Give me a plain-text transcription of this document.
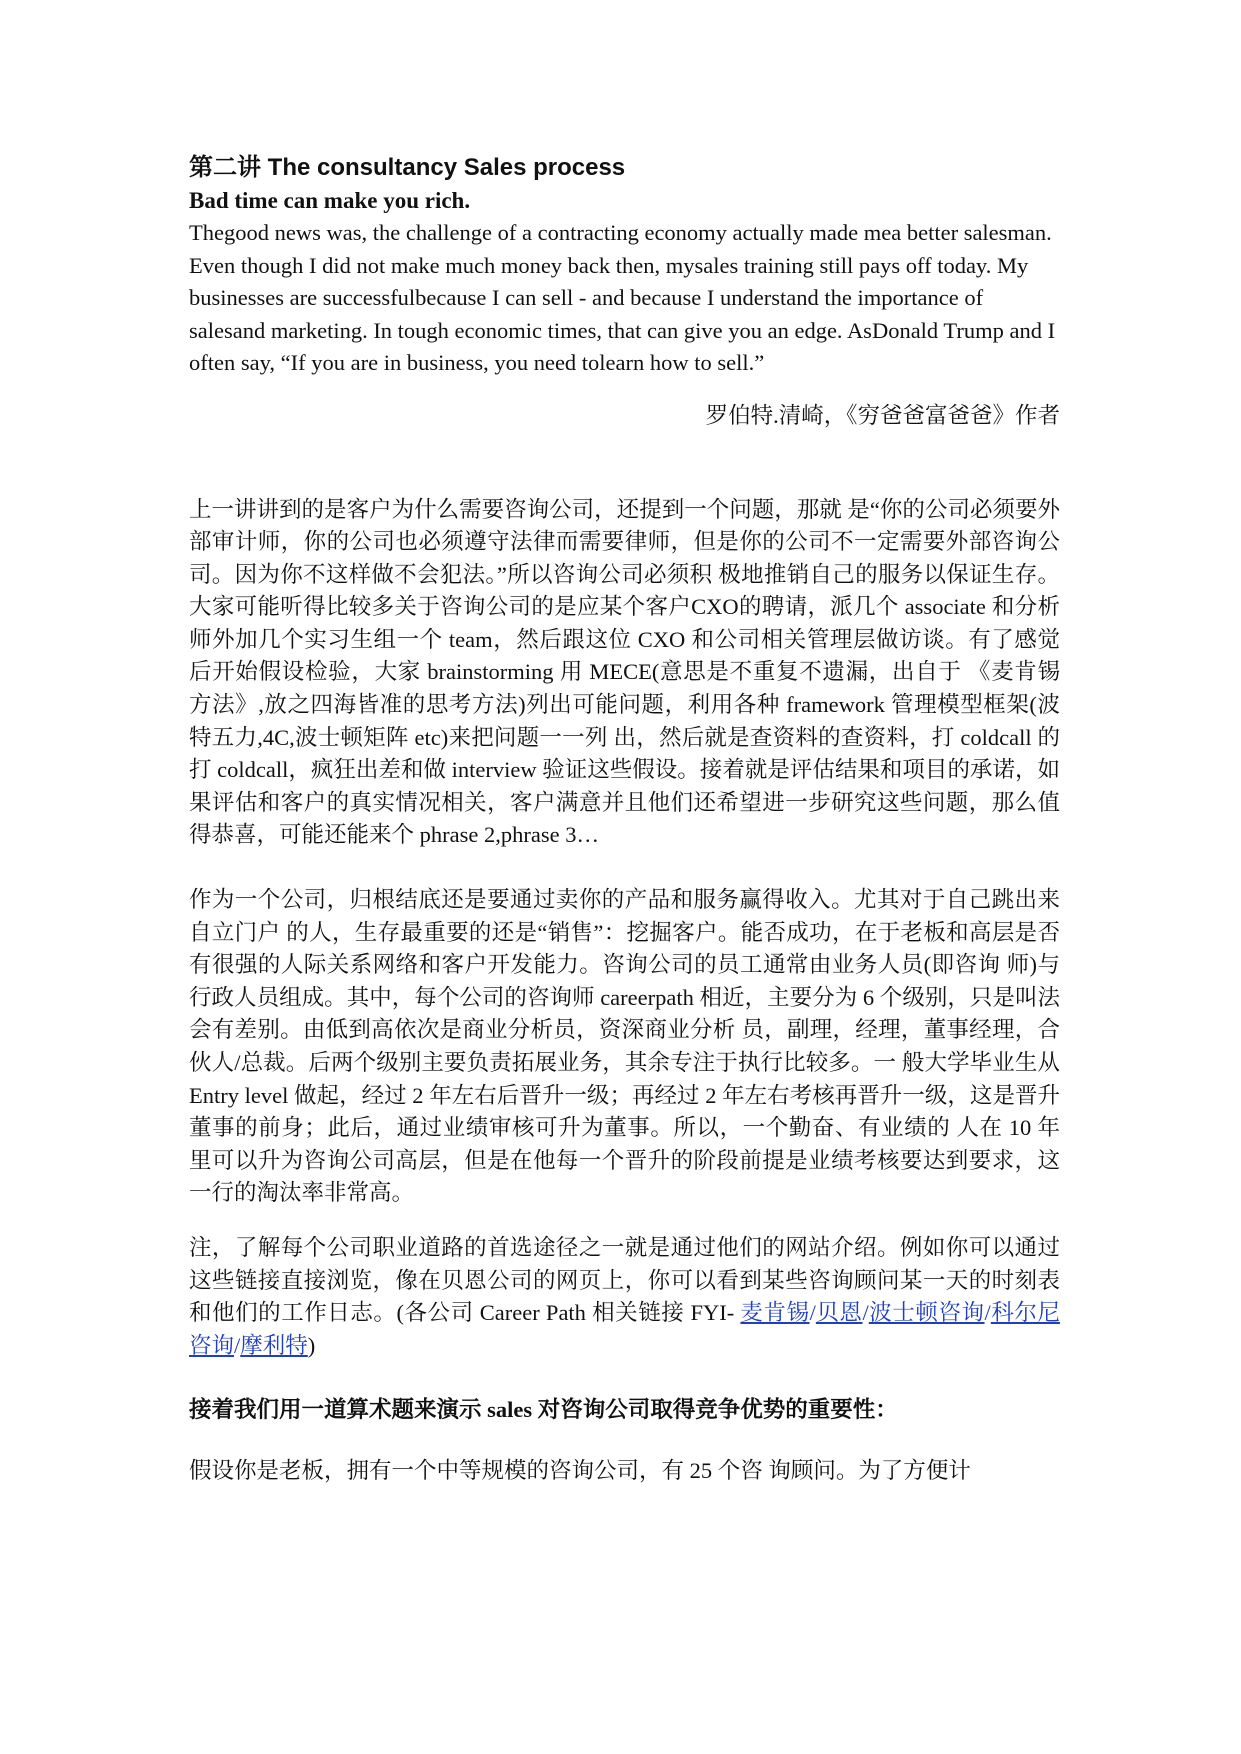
第二讲 The consultancy Sales process

Bad time can make you rich.

Thegood news was, the challenge of a contracting economy actually made mea better salesman. Even though I did not make much money back then, mysales training still pays off today. My businesses are successfulbecause I can sell - and because I understand the importance of salesand marketing. In tough economic times, that can give you an edge. AsDonald Trump and I often say, “If you are in business, you need tolearn how to sell.”

罗伯特.清崎，《穷爸爸富爸爸》作者

上一讲讲到的是客户为什么需要咨询公司，还提到一个问题，那就 是“你的公司必须要外部审计师，你的公司也必须遵守法律而需要律师，但是你的公司不一定需要外部咨询公司。因为你不这样做不会犯法。”所以咨询公司必须积 极地推销自己的服务以保证生存。大家可能听得比较多关于咨询公司的是应某个客户CXO的聘请，派几个 associate 和分析师外加几个实习生组一个 team，然后跟这位 CXO 和公司相关管理层做访谈。有了感觉后开始假设检验，大家 brainstorming 用 MECE(意思是不重复不遗漏，出自于 《麦肯锡方法》,放之四海皆准的思考方法)列出可能问题，利用各种 framework 管理模型框架(波特五力,4C,波士顿矩阵 etc)来把问题一一列 出，然后就是查资料的查资料，打 coldcall 的打 coldcall，疯狂出差和做 interview 验证这些假设。接着就是评估结果和项目的承诺，如 果评估和客户的真实情况相关，客户满意并且他们还希望进一步研究这些问题，那么值得恭喜，可能还能来个 phrase 2,phrase 3…

作为一个公司，归根结底还是要通过卖你的产品和服务赢得收入。尤其对于自己跳出来自立门户 的人，生存最重要的还是“销售”：挖掘客户。能否成功，在于老板和高层是否有很强的人际关系网络和客户开发能力。咨询公司的员工通常由业务人员(即咨询 师)与行政人员组成。其中，每个公司的咨询师 careerpath 相近，主要分为 6 个级别，只是叫法会有差别。由低到高依次是商业分析员，资深商业分析 员，副理，经理，董事经理，合伙人/总裁。后两个级别主要负责拓展业务，其余专注于执行比较多。一 般大学毕业生从 Entry level 做起，经过 2 年左右后晋升一级；再经过 2 年左右考核再晋升一级，这是晋升董事的前身；此后，通过业绩审核可升为董事。所以，一个勤奋、有业绩的 人在 10 年里可以升为咨询公司高层，但是在他每一个晋升的阶段前提是业绩考核要达到要求，这一行的淘汰率非常高。

注，了解每个公司职业道路的首选途径之一就是通过他们的网站介绍。例如你可以通过这些链接直接浏览，像在贝恩公司的网页上，你可以看到某些咨询顾问某一天的时刻表和他们的工作日志。(各公司 Career Path 相关链接 FYI- 麦肯锡/贝恩/波士顿咨询/科尔尼咨询/摩利特)

接着我们用一道算术题来演示 sales 对咨询公司取得竞争优势的重要性：

假设你是老板，拥有一个中等规模的咨询公司，有 25 个咨 询顾问。为了方便计
